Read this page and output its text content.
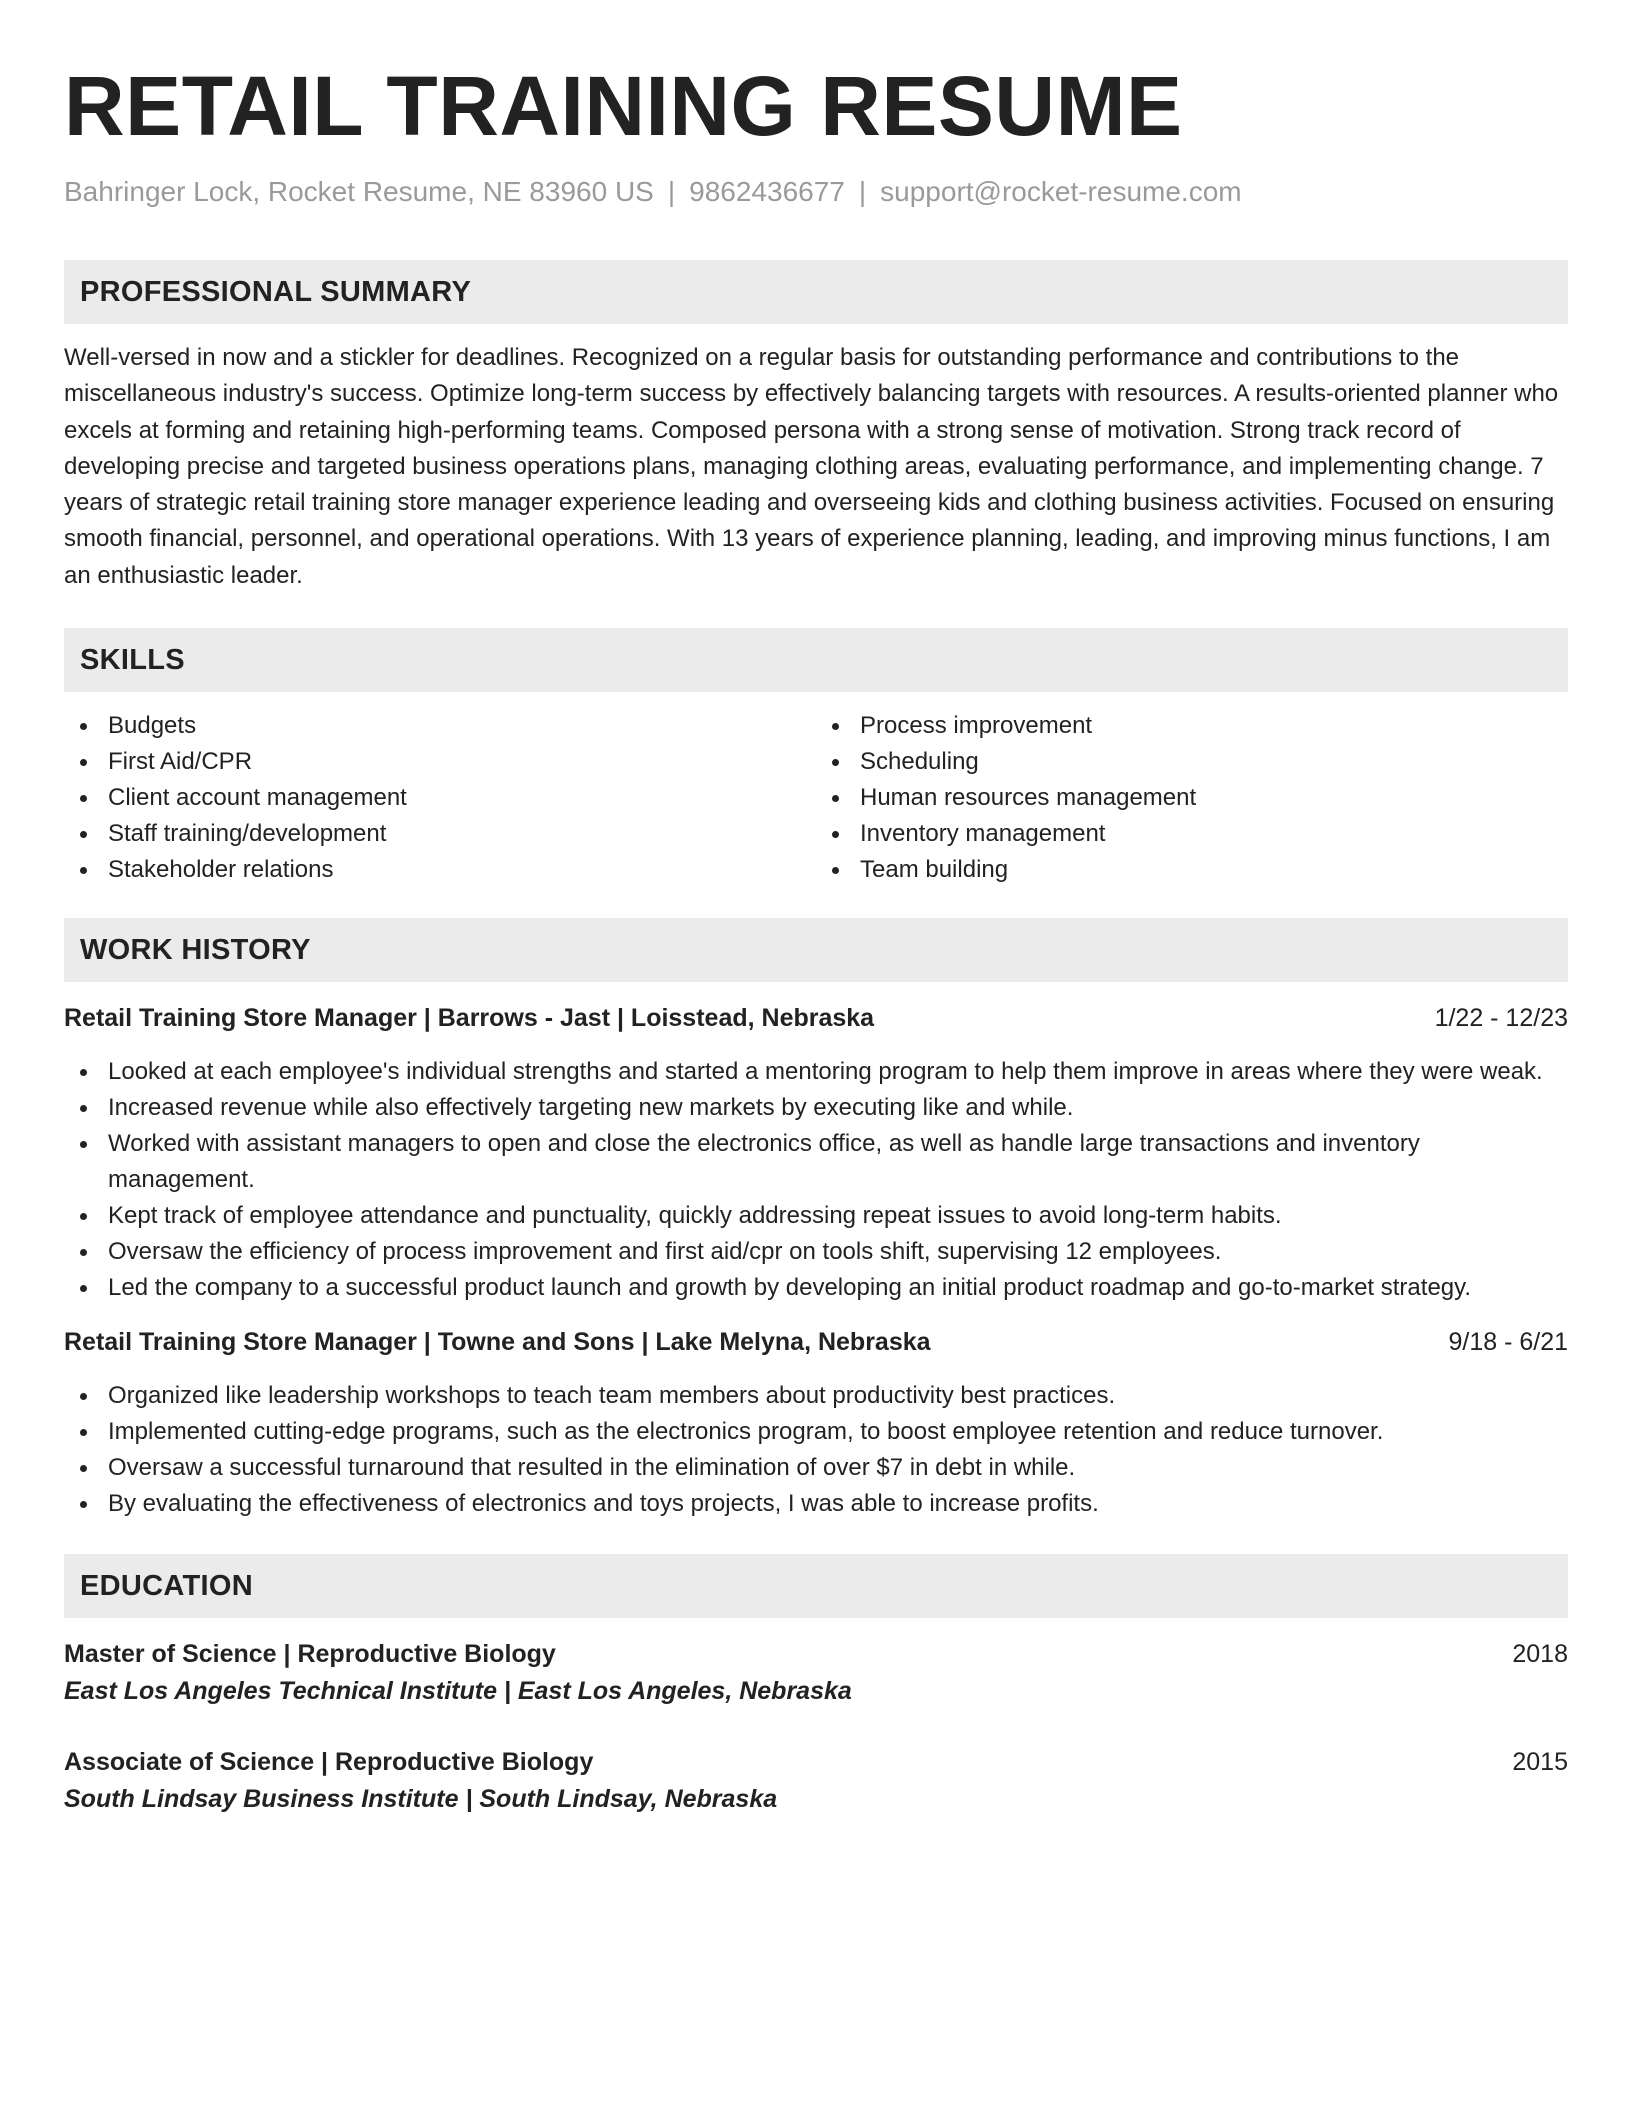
RETAIL TRAINING RESUME
Bahringer Lock, Rocket Resume, NE 83960 US | 9862436677 | support@rocket-resume.com
PROFESSIONAL SUMMARY
Well-versed in now and a stickler for deadlines. Recognized on a regular basis for outstanding performance and contributions to the miscellaneous industry's success. Optimize long-term success by effectively balancing targets with resources. A results-oriented planner who excels at forming and retaining high-performing teams. Composed persona with a strong sense of motivation. Strong track record of developing precise and targeted business operations plans, managing clothing areas, evaluating performance, and implementing change. 7 years of strategic retail training store manager experience leading and overseeing kids and clothing business activities. Focused on ensuring smooth financial, personnel, and operational operations. With 13 years of experience planning, leading, and improving minus functions, I am an enthusiastic leader.
SKILLS
Budgets
First Aid/CPR
Client account management
Staff training/development
Stakeholder relations
Process improvement
Scheduling
Human resources management
Inventory management
Team building
WORK HISTORY
Retail Training Store Manager | Barrows - Jast | Loisstead, Nebraska	1/22 - 12/23
Looked at each employee's individual strengths and started a mentoring program to help them improve in areas where they were weak.
Increased revenue while also effectively targeting new markets by executing like and while.
Worked with assistant managers to open and close the electronics office, as well as handle large transactions and inventory management.
Kept track of employee attendance and punctuality, quickly addressing repeat issues to avoid long-term habits.
Oversaw the efficiency of process improvement and first aid/cpr on tools shift, supervising 12 employees.
Led the company to a successful product launch and growth by developing an initial product roadmap and go-to-market strategy.
Retail Training Store Manager | Towne and Sons | Lake Melyna, Nebraska	9/18 - 6/21
Organized like leadership workshops to teach team members about productivity best practices.
Implemented cutting-edge programs, such as the electronics program, to boost employee retention and reduce turnover.
Oversaw a successful turnaround that resulted in the elimination of over $7 in debt in while.
By evaluating the effectiveness of electronics and toys projects, I was able to increase profits.
EDUCATION
Master of Science | Reproductive Biology	2018
East Los Angeles Technical Institute | East Los Angeles, Nebraska
Associate of Science | Reproductive Biology	2015
South Lindsay Business Institute | South Lindsay, Nebraska
